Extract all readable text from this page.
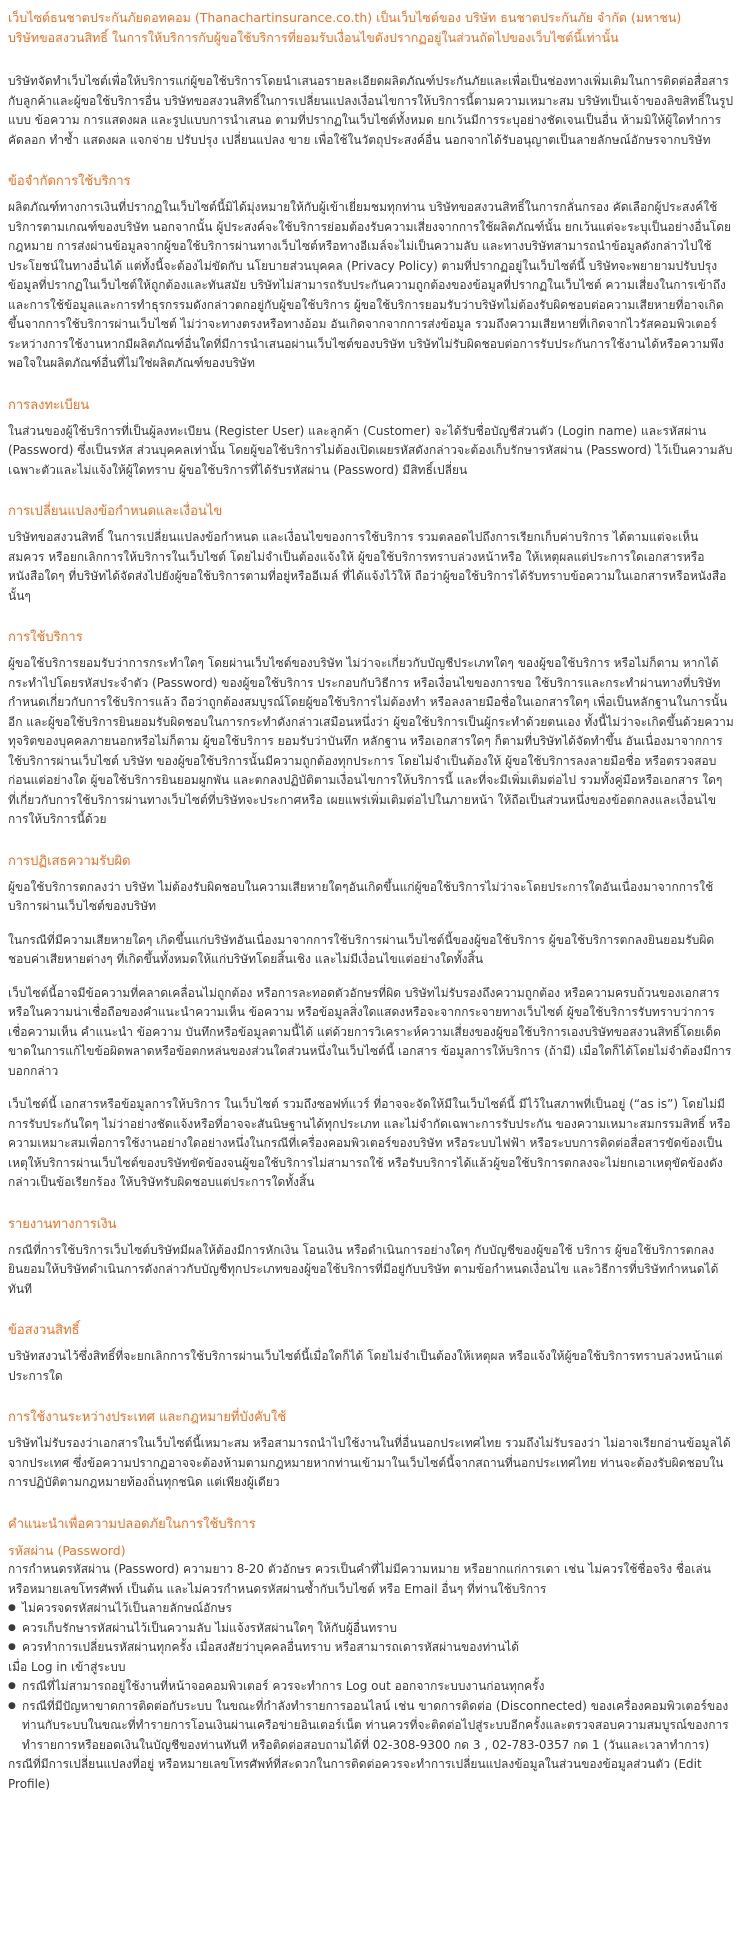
เว็บไซต์ธนชาตประกันภัยดอทคอม (Thanachartinsurance.co.th) เป็นเว็บไซต์ของ บริษัท ธนชาตประกันภัย จำกัด (มหาชน)

บริษัทขอสงวนสิทธิ์ ในการให้บริการกับผู้ขอใช้บริการที่ยอมรับเงื่อนไขดังปรากฏอยู่ในส่วนถัดไปของเว็บไซต์นี้เท่านั้น

บริษัทจัดทำเว็บไซต์เพื่อให้บริการแก่ผู้ขอใช้บริการโดยนำเสนอรายละเอียดผลิตภัณฑ์ประกันภัยและเพื่อเป็นช่องทางเพิ่มเติมในการติดต่อสื่อสารกับลูกค้าและผู้ขอใช้บริการอื่น บริษัทขอสงวนสิทธิ์ในการเปลี่ยนแปลงเงื่อนไขการให้บริการนี้ตามความเหมาะสม บริษัทเป็นเจ้าของลิขสิทธิ์ในรูปแบบ ข้อความ การแสดงผล และรูปแบบการนำเสนอ ตามที่ปรากฏในเว็บไซต์ทั้งหมด ยกเว้นมีการระบุอย่างชัดเจนเป็นอื่น ห้ามมิให้ผู้ใดทำการคัดลอก ทำซ้ำ แสดงผล แจกจ่าย ปรับปรุง เปลี่ยนแปลง ขาย เพื่อใช้ในวัตถุประสงค์อื่น นอกจากได้รับอนุญาตเป็นลายลักษณ์อักษรจากบริษัท

ข้อจำกัดการใช้บริการ

ผลิตภัณฑ์ทางการเงินที่ปรากฏในเว็บไซต์นี้มิได้มุ่งหมายให้กับผู้เข้าเยี่ยมชมทุกท่าน บริษัทขอสงวนสิทธิ์ในการกลั่นกรอง คัดเลือกผู้ประสงค์ใช้บริการตามเกณฑ์ของบริษัท นอกจากนั้น ผู้ประสงค์จะใช้บริการย่อมต้องรับความเสี่ยงจากการใช้ผลิตภัณฑ์นั้น ยกเว้นแต่จะระบุเป็นอย่างอื่นโดยกฎหมาย การส่งผ่านข้อมูลจากผู้ขอใช้บริการผ่านทางเว็บไซต์หรือทางอีเมล์จะไม่เป็นความลับ และทางบริษัทสามารถนำข้อมูลดังกล่าวไปใช้ประโยชน์ในทางอื่นได้ แต่ทั้งนี้จะต้องไม่ขัดกับ นโยบายส่วนบุคคล (Privacy Policy) ตามที่ปรากฏอยู่ในเว็บไซต์นี้ บริษัทจะพยายามปรับปรุงข้อมูลที่ปรากฏในเว็บไซต์ให้ถูกต้องและทันสมัย บริษัทไม่สามารถรับประกันความถูกต้องของข้อมูลที่ปรากฏในเว็บไซต์ ความเสี่ยงในการเข้าถึงและการใช้ข้อมูลและการทำธุรกรรมดังกล่าวตกอยู่กับผู้ขอใช้บริการ ผู้ขอใช้บริการยอมรับว่าบริษัทไม่ต้องรับผิดชอบต่อความเสียหายที่อาจเกิดขึ้นจากการใช้บริการผ่านเว็บไซต์ ไม่ว่าจะทางตรงหรือทางอ้อม อันเกิดจากจากการส่งข้อมูล รวมถึงความเสียหายที่เกิดจากไวรัสคอมพิวเตอร์ ระหว่างการใช้งานหากมีผลิตภัณฑ์อื่นใดที่มีการนำเสนอผ่านเว็บไซต์ของบริษัท บริษัทไม่รับผิดชอบต่อการรับประกันการใช้งานได้หรือความพึงพอใจในผลิตภัณฑ์อื่นที่ไม่ใช่ผลิตภัณฑ์ของบริษัท

การลงทะเบียน

ในส่วนของผู้ใช้บริการที่เป็นผู้ลงทะเบียน (Register User) และลูกค้า (Customer) จะได้รับชื่อบัญชีส่วนตัว (Login name) และรหัสผ่าน (Password) ซึ่งเป็นรหัส ส่วนบุคคลเท่านั้น โดยผู้ขอใช้บริการไม่ต้องเปิดเผยรหัสดังกล่าวจะต้องเก็บรักษารหัสผ่าน (Password) ไว้เป็นความลับเฉพาะตัวและไม่แจ้งให้ผู้ใดทราบ ผู้ขอใช้บริการที่ได้รับรหัสผ่าน (Password) มีสิทธิ์เปลี่ยน

การเปลี่ยนแปลงข้อกำหนดและเงื่อนไข

บริษัทขอสงวนสิทธิ์ ในการเปลี่ยนแปลงข้อกำหนด และเงื่อนไขของการใช้บริการ รวมตลอดไปถึงการเรียกเก็บค่าบริการ ได้ตามแต่จะเห็นสมควร หรือยกเลิกการให้บริการในเว็บไซต์ โดยไม่จำเป็นต้องแจ้งให้ ผู้ขอใช้บริการทราบล่วงหน้าหรือ ให้เหตุผลแต่ประการใดเอกสารหรือหนังสือใดๆ ที่บริษัทได้จัดส่งไปยังผู้ขอใช้บริการตามที่อยู่หรืออีเมล์ ที่ได้แจ้งไว้ให้ ถือว่าผู้ขอใช้บริการได้รับทราบข้อความในเอกสารหรือหนังสือนั้นๆ

การใช้บริการ

ผู้ขอใช้บริการยอมรับว่าการกระทำใดๆ โดยผ่านเว็บไซต์ของบริษัท ไม่ว่าจะเกี่ยวกับบัญชีประเภทใดๆ ของผู้ขอใช้บริการ หรือไม่ก็ตาม หากได้กระทำไปโดยรหัสประจำตัว (Password) ของผู้ขอใช้บริการ ประกอบกับวิธีการ หรือเงื่อนไขของการขอ ใช้บริการและกระทำผ่านทางที่บริษัทกำหนดเกี่ยวกับการใช้บริการแล้ว ถือว่าถูกต้องสมบูรณ์โดยผู้ขอใช้บริการไม่ต้องทำ หรือลงลายมือชื่อในเอกสารใดๆ เพื่อเป็นหลักฐานในการนั้นอีก และผู้ขอใช้บริการยินยอมรับผิดชอบในการกระทำดังกล่าวเสมือนหนึ่งว่า ผู้ขอใช้บริการเป็นผู้กระทำด้วยตนเอง ทั้งนี้ไม่ว่าจะเกิดขึ้นด้วยความทุจริตของบุคคลภายนอกหรือไม่ก็ตาม ผู้ขอใช้บริการ ยอมรับว่าบันทึก หลักฐาน หรือเอกสารใดๆ ก็ตามที่บริษัทได้จัดทำขึ้น อันเนื่องมาจากการใช้บริการผ่านเว็บไซต์ บริษัท ของผู้ขอใช้บริการนั้นมีความถูกต้องทุกประการ โดยไม่จำเป็นต้องให้ ผู้ขอใช้บริการลงลายมือชื่อ หรือตรวจสอบก่อนแต่อย่างใด ผู้ขอใช้บริการยินยอมผูกพัน และตกลงปฏิบัติตามเงื่อนไขการให้บริการนี้ และที่จะมีเพิ่มเติมต่อไป รวมทั้งคู่มือหรือเอกสาร ใดๆ ที่เกี่ยวกับการใช้บริการผ่านทางเว็บไซต์ที่บริษัทจะประกาศหรือ เผยแพร่เพิ่มเติมต่อไปในภายหน้า ให้ถือเป็นส่วนหนึ่งของข้อตกลงและเงื่อนไขการให้บริการนี้ด้วย

การปฏิเสธความรับผิด

ผู้ขอใช้บริการตกลงว่า บริษัท ไม่ต้องรับผิดชอบในความเสียหายใดๆอันเกิดขึ้นแก่ผู้ขอใช้บริการไม่ว่าจะโดยประการใดอันเนื่องมาจากการใช้บริการผ่านเว็บไซต์ของบริษัท

ในกรณีที่มีความเสียหายใดๆ เกิดขึ้นแก่บริษัทอันเนื่องมาจากการใช้บริการผ่านเว็บไซต์นี้ของผู้ขอใช้บริการ ผู้ขอใช้บริการตกลงยินยอมรับผิดชอบค่าเสียหายต่างๆ ที่เกิดขึ้นทั้งหมดให้แก่บริษัทโดยสิ้นเชิง และไม่มีเงื่อนไขแต่อย่างใดทั้งสิ้น

เว็บไซต์นี้อาจมีข้อความที่คลาดเคลื่อนไม่ถูกต้อง หรือการละทอดตัวอักษรที่ผิด บริษัทไม่รับรองถึงความถูกต้อง หรือความครบถ้วนของเอกสารหรือในความน่าเชื่อถือของคำแนะนำความเห็น ข้อความ หรือข้อมูลสิ่งใดแสดงหรือจะจากกระจายทางเว็บไซต์ ผู้ขอใช้บริการรับทราบว่าการเชื่อความเห็น คำแนะนำ ข้อความ บันทึกหรือข้อมูลตามนี้ได้ แต่ด้วยการวิเคราะห์ความเสี่ยงของผู้ขอใช้บริการเองบริษัทขอสงวนสิทธิ์โดยเด็ดขาดในการแก้ไขข้อผิดพลาดหรือข้อตกหล่นของส่วนใดส่วนหนึ่งในเว็บไซต์นี้ เอกสาร ข้อมูลการให้บริการ (ถ้ามี) เมื่อใดก็ได้โดยไม่จำต้องมีการบอกกล่าว

เว็บไซต์นี้ เอกสารหรือข้อมูลการให้บริการ ในเว็บไซต์ รวมถึงซอฟท์แวร์ ที่อาจจะจัดให้มีในเว็บไซต์นี้ มีไว้ในสภาพที่เป็นอยู่ (“as is”) โดยไม่มีการรับประกันใดๆ ไม่ว่าอย่างชัดแจ้งหรือที่อาจจะสันนิษฐานได้ทุกประเภท และไม่จำกัดเฉพาะการรับประกัน ของความเหมาะสมกรรมสิทธิ์ หรือความเหมาะสมเพื่อการใช้งานอย่างใดอย่างหนึ่งในกรณีที่เครื่องคอมพิวเตอร์ของบริษัท หรือระบบไฟฟ้า หรือระบบการติดต่อสื่อสารขัดข้องเป็นเหตุให้บริการผ่านเว็บไซต์ของบริษัทขัดข้องจนผู้ขอใช้บริการไม่สามารถใช้ หรือรับบริการได้แล้วผู้ขอใช้บริการตกลงจะไม่ยกเอาเหตุขัดข้องดังกล่าวเป็นข้อเรียกร้อง ให้บริษัทรับผิดชอบแต่ประการใดทั้งสิ้น

รายงานทางการเงิน

กรณีที่การใช้บริการเว็บไซต์บริษัทมีผลให้ต้องมีการหักเงิน โอนเงิน หรือดำเนินการอย่างใดๆ กับบัญชีของผู้ขอใช้ บริการ ผู้ขอใช้บริการตกลงยินยอมให้บริษัทดำเนินการดังกล่าวกับบัญชีทุกประเภทของผู้ขอใช้บริการที่มีอยู่กับบริษัท ตามข้อกำหนดเงื่อนไข และวิธีการที่บริษัทกำหนดได้ทันที

ข้อสงวนสิทธิ์

บริษัทสงวนไว้ซึ่งสิทธิ์ที่จะยกเลิกการใช้บริการผ่านเว็บไซต์นี้เมื่อใดก็ได้ โดยไม่จำเป็นต้องให้เหตุผล หรือแจ้งให้ผู้ขอใช้บริการทราบล่วงหน้าแต่ประการใด

การใช้งานระหว่างประเทศ และกฎหมายที่บังคับใช้

บริษัทไม่รับรองว่าเอกสารในเว็บไซต์นี้เหมาะสม หรือสามารถนำไปใช้งานในที่อื่นนอกประเทศไทย รวมถึงไม่รับรองว่า ไม่อาจเรียกอ่านข้อมูลได้จากประเทศ ซึ่งข้อความปรากฏอาจจะต้องห้ามตามกฎหมายหากท่านเข้ามาในเว็บไซต์นี้จากสถานที่นอกประเทศไทย ท่านจะต้องรับผิดชอบในการปฏิบัติตามกฎหมายท้องถิ่นทุกชนิด แต่เพียงผู้เดียว

คำแนะนำเพื่อความปลอดภัยในการใช้บริการ

รหัสผ่าน (Password)

การกำหนดรหัสผ่าน (Password) ความยาว 8-20 ตัวอักษร ควรเป็นคำที่ไม่มีความหมาย หรือยากแก่การเดา เช่น ไม่ควรใช้ชื่อจริง ชื่อเล่น หรือหมายเลขโทรศัพท์ เป็นต้น และไม่ควรกำหนดรหัสผ่านซ้ำกับเว็บไซต์ หรือ Email อื่นๆ ที่ท่านใช้บริการ

● ไม่ควรจดรหัสผ่านไว้เป็นลายลักษณ์อักษร
● ควรเก็บรักษารหัสผ่านไว้เป็นความลับ ไม่แจ้งรหัสผ่านใดๆ ให้กับผู้อื่นทราบ
● ควรทำการเปลี่ยนรหัสผ่านทุกครั้ง เมื่อสงสัยว่าบุคคลอื่นทราบ หรือสามารถเดารหัสผ่านของท่านได้

เมื่อ Log in เข้าสู่ระบบ

● กรณีที่ไม่สามารถอยู่ใช้งานที่หน้าจอคอมพิวเตอร์ ควรจะทำการ Log out ออกจากระบบงานก่อนทุกครั้ง
● กรณีที่มีปัญหาขาดการติดต่อกับระบบ ในขณะที่กำลังทำรายการออนไลน์ เช่น ขาดการติดต่อ (Disconnected) ของเครื่องคอมพิวเตอร์ของท่านกับระบบในขณะที่ทำรายการโอนเงินผ่านเครือข่ายอินเตอร์เน็ต ท่านควรที่จะติดต่อไปสู่ระบบอีกครั้งและตรวจสอบความสมบูรณ์ของการทำรายการหรือยอดเงินในบัญชีของท่านทันที หรือติดต่อสอบถามได้ที่ 02-308-9300 กด 3 , 02-783-0357 กด 1 (วันและเวลาทำการ)

กรณีที่มีการเปลี่ยนแปลงที่อยู่ หรือหมายเลขโทรศัพท์ที่สะดวกในการติดต่อควรจะทำการเปลี่ยนแปลงข้อมูลในส่วนของข้อมูลส่วนตัว (Edit Profile)
